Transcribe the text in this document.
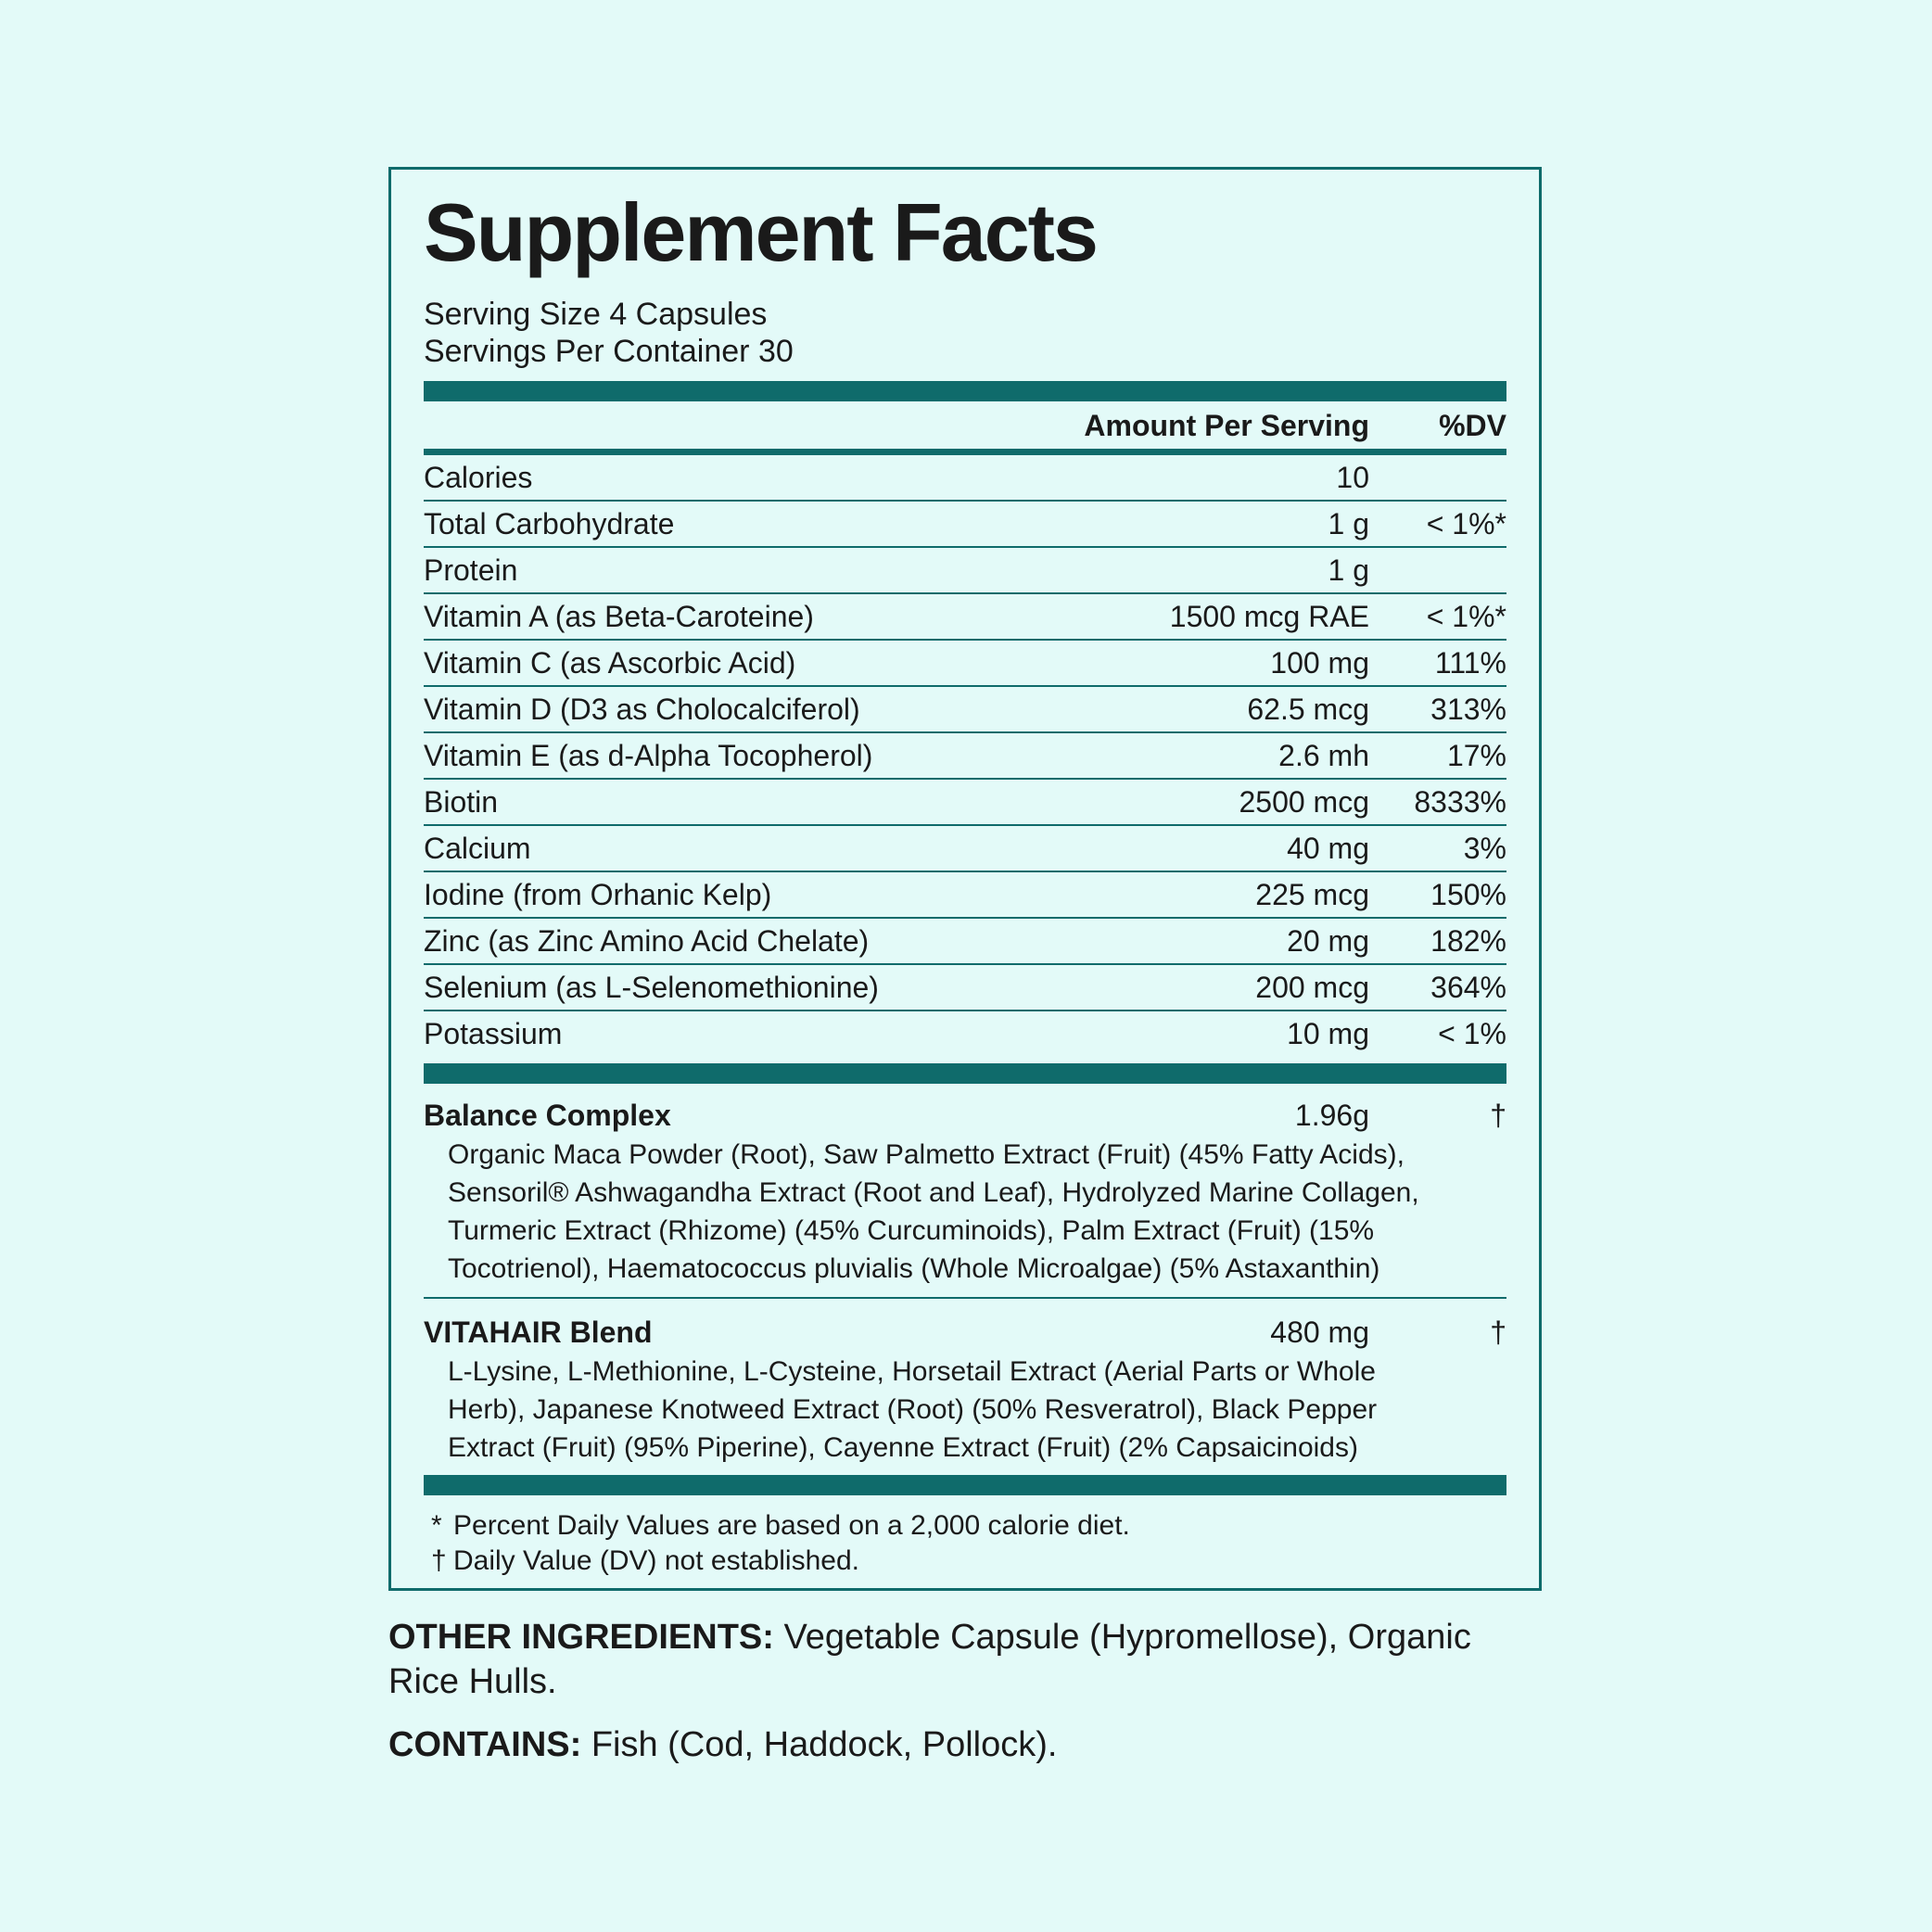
Supplement Facts
Serving Size 4 Capsules
Servings Per Container 30
Amount Per Serving %DV
Calories	10
Total Carbohydrate	1 g < 1%*
Protein	1 g
Vitamin A (as Beta-Caroteine)	1500 mcg RAE < 1%*
Vitamin C (as Ascorbic Acid)	100 mg 111%
Vitamin D (D3 as Cholocalciferol)	62.5 mcg 313%
Vitamin E (as d-Alpha Tocopherol)	2.6 mh	17%
Biotin	2500 mcg 8333%
Calcium	40 mg	3%
Iodine (from Orhanic Kelp)	225 mcg 150%
Zinc (as Zinc Amino Acid Chelate)	20 mg 182%
Selenium (as L-Selenomethionine)	200 mcg 364%
Potassium	10 mg < 1%
Balance Complex	1.96g	†
Organic Maca Powder (Root), Saw Palmetto Extract (Fruit) (45% Fatty Acids), Sensoril® Ashwagandha Extract (Root and Leaf), Hydrolyzed Marine Collagen, Turmeric Extract (Rhizome) (45% Curcuminoids), Palm Extract (Fruit) (15% Tocotrienol), Haematococcus pluvialis (Whole Microalgae) (5% Astaxanthin)
VITAHAIR Blend	480 mg	†
L-Lysine, L-Methionine, L-Cysteine, Horsetail Extract (Aerial Parts or Whole Herb), Japanese Knotweed Extract (Root) (50% Resveratrol), Black Pepper Extract (Fruit) (95% Piperine), Cayenne Extract (Fruit) (2% Capsaicinoids)
* Percent Daily Values are based on a 2,000 calorie diet.
† Daily Value (DV) not established.
OTHER INGREDIENTS: Vegetable Capsule (Hypromellose), Organic Rice Hulls.
CONTAINS: Fish (Cod, Haddock, Pollock).
